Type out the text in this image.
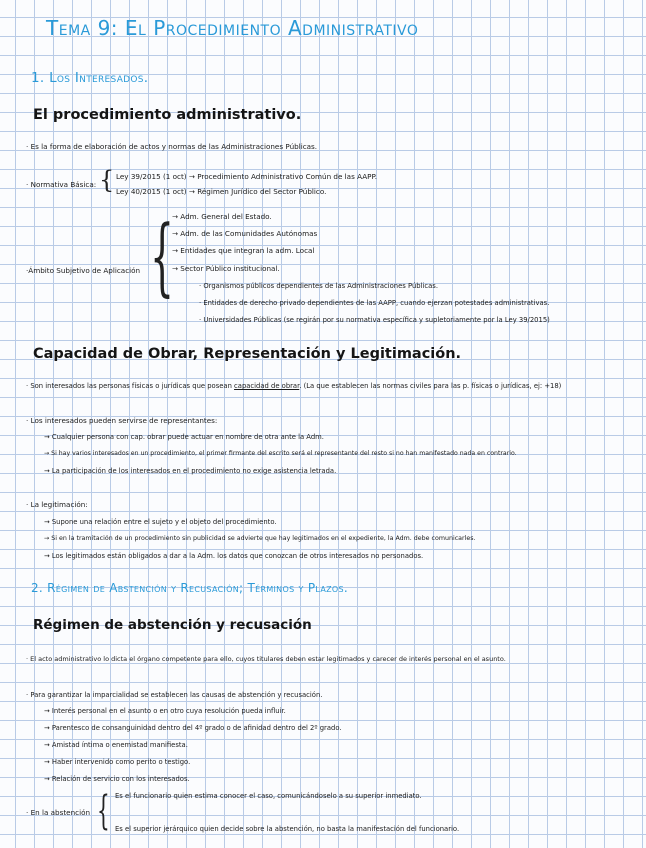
Tema 9: El Procedimiento Administrativo
1. Los Interesados.
El procedimiento administrativo.
· Es la forma de elaboración de actos y normas de las Administraciones Públicas.
· Normativa Básica: { Ley 39/2015 (1 oct) → Procedimiento Administrativo Común de las AAPP.
Ley 40/2015 (1 oct) → Régimen Jurídico del Sector Público.
·Ámbito Subjetivo de Aplicación {
→ Adm. General del Estado.
→ Adm. de las Comunidades Autónomas
→ Entidades que integran la adm. Local
→ Sector Público institucional.
· Organismos públicos dependientes de las Administraciones Públicas.
· Entidades de derecho privado dependientes de las AAPP, cuando ejerzan potestades administrativas.
· Universidades Públicas (se regirán por su normativa específica y supletoriamente por la Ley 39/2015)
Capacidad de Obrar, Representación y Legitimación.
· Son interesados las personas físicas o jurídicas que posean capacidad de obrar. (La que establecen las normas civiles para las p. físicas o jurídicas, ej: +18)
· Los interesados pueden servirse de representantes:
→ Cualquier persona con cap. obrar puede actuar en nombre de otra ante la Adm.
→ Si hay varios interesados en un procedimiento, el primer firmante del escrito será el representante del resto si no han manifestado nada en contrario.
→ La participación de los interesados en el procedimiento no exige asistencia letrada.
· La legitimación:
→ Supone una relación entre el sujeto y el objeto del procedimiento.
→ Si en la tramitación de un procedimiento sin publicidad se advierte que hay legitimados en el expediente, la Adm. debe comunicarles.
→ Los legitimados están obligados a dar a la Adm. los datos que conozcan de otros interesados no personados.
2. Régimen de Abstención y Recusación; Términos y Plazos.
Régimen de abstención y recusación
· El acto administrativo lo dicta el órgano competente para ello, cuyos titulares deben estar legitimados y carecer de interés personal en el asunto.
· Para garantizar la imparcialidad se establecen las causas de abstención y recusación.
→ Interés personal en el asunto o en otro cuya resolución pueda influir.
→ Parentesco de consanguinidad dentro del 4º grado o de afinidad dentro del 2º grado.
→ Amistad íntima o enemistad manifiesta.
→ Haber intervenido como perito o testigo.
→ Relación de servicio con los interesados.
· En la abstención { Es el funcionario quien estima conocer el caso, comunicándoselo a su superior inmediato.
Es el superior jerárquico quien decide sobre la abstención, no basta la manifestación del funcionario.
